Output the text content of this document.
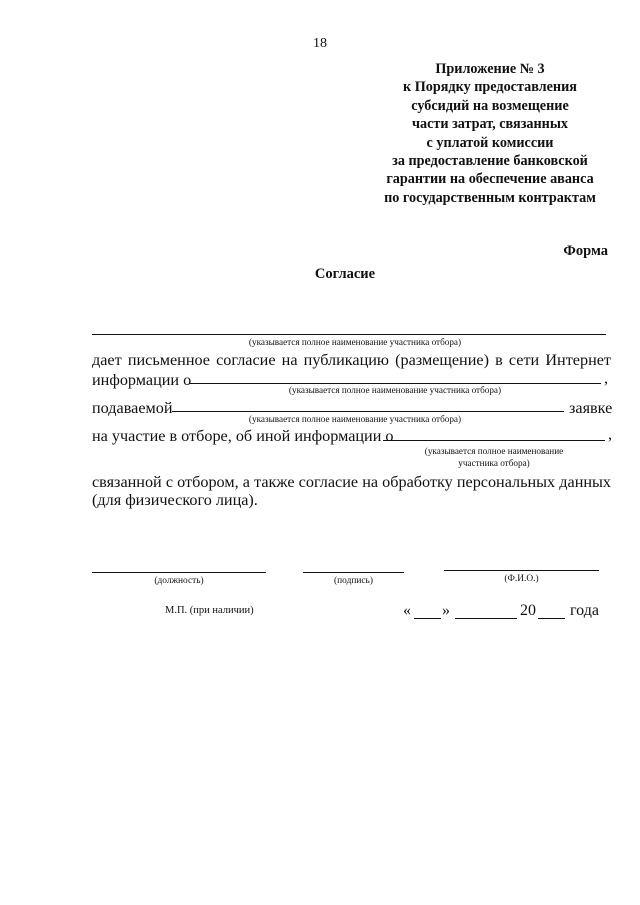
18
Приложение № 3
к Порядку предоставления
субсидий на возмещение
части затрат, связанных
с уплатой комиссии
за предоставление банковской
гарантии на обеспечение аванса
по государственным контрактам
Форма
Согласие
(указывается полное наименование участника отбора)
дает письменное согласие на публикацию (размещение) в сети Интернет
информации о	,
(указывается полное наименование участника отбора)
подаваемой	заявке
(указывается полное наименование участника отбора)
на участие в отборе, об иной информации о	,
(указывается полное наименование
участника отбора)
связанной с отбором, а также согласие на обработку персональных данных
(для физического лица).
(должность)	(подпись)	(Ф.И.О.)
М.П. (при наличии)	« »	20 года
